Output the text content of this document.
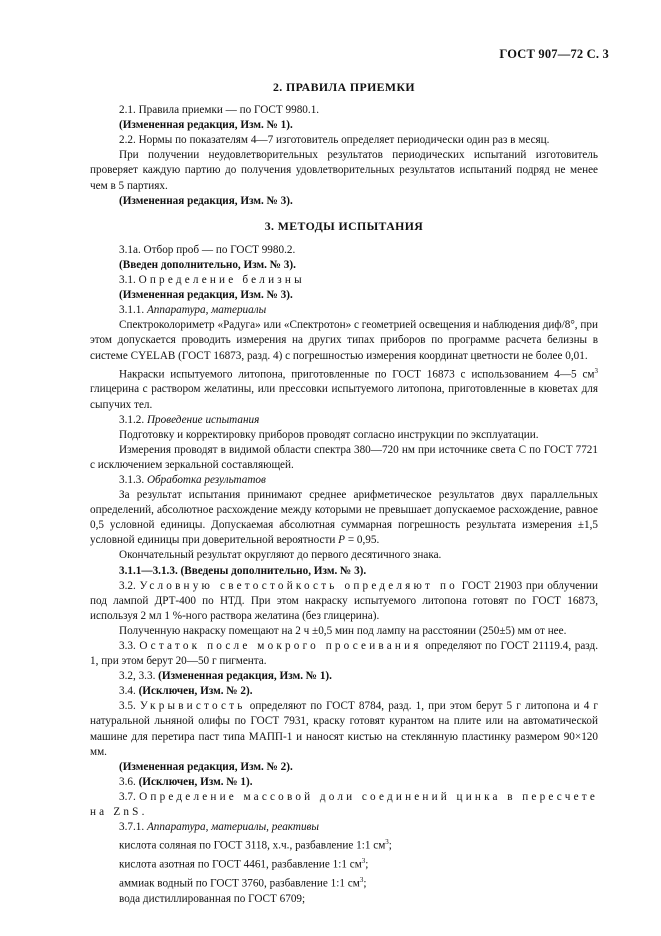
ГОСТ 907—72 С. 3

2. ПРАВИЛА ПРИЕМКИ

2.1. Правила приемки — по ГОСТ 9980.1.

(Измененная редакция, Изм. № 1).

2.2. Нормы по показателям 4—7 изготовитель определяет периодически один раз в месяц.

При получении неудовлетворительных результатов периодических испытаний изготовитель проверяет каждую партию до получения удовлетворительных результатов испытаний подряд не менее чем в 5 партиях.

(Измененная редакция, Изм. № 3).

3. МЕТОДЫ ИСПЫТАНИЯ

3.1а. Отбор проб — по ГОСТ 9980.2.

(Введен дополнительно, Изм. № 3).

3.1. Определение белизны

(Измененная редакция, Изм. № 3).

3.1.1. Аппаратура, материалы

Спектроколориметр «Радуга» или «Спектротон» с геометрией освещения и наблюдения диф/8°, при этом допускается проводить измерения на других типах приборов по программе расчета белизны в системе CYELAB (ГОСТ 16873, разд. 4) с погрешностью измерения координат цветности не более 0,01.

Накраски испытуемого литопона, приготовленные по ГОСТ 16873 с использованием 4—5 $см^3$ глицерина с раствором желатины, или прессовки испытуемого литопона, приготовленные в кюветах для сыпучих тел.

3.1.2. Проведение испытания

Подготовку и корректировку приборов проводят согласно инструкции по эксплуатации.

Измерения проводят в видимой области спектра 380—720 нм при источнике света С по ГОСТ 7721 с исключением зеркальной составляющей.

3.1.3. Обработка результатов

За результат испытания принимают среднее арифметическое результатов двух параллельных определений, абсолютное расхождение между которыми не превышает допускаемое расхождение, равное 0,5 условной единицы. Допускаемая абсолютная суммарная погрешность результата измерения ±1,5 условной единицы при доверительной вероятности P = 0,95.

Окончательный результат округляют до первого десятичного знака.

3.1.1—3.1.3. (Введены дополнительно, Изм. № 3).

3.2. Условную светостойкость определяют по ГОСТ 21903 при облучении под лампой ДРТ-400 по НТД. При этом накраску испытуемого литопона готовят по ГОСТ 16873, используя 2 мл 1 %-ного раствора желатина (без глицерина).

Полученную накраску помещают на 2 ч ±0,5 мин под лампу на расстоянии (250±5) мм от нее.

3.3. Остаток после мокрого просеивания определяют по ГОСТ 21119.4, разд. 1, при этом берут 20—50 г пигмента.

3.2, 3.3. (Измененная редакция, Изм. № 1).

3.4. (Исключен, Изм. № 2).

3.5. Укрывистость определяют по ГОСТ 8784, разд. 1, при этом берут 5 г литопона и 4 г натуральной льняной олифы по ГОСТ 7931, краску готовят курантом на плите или на автоматической машине для перетира паст типа МАПП-1 и наносят кистью на стеклянную пластинку размером 90×120 мм.

(Измененная редакция, Изм. № 2).

3.6. (Исключен, Изм. № 1).

3.7. Определение массовой доли соединений цинка в пересчете на ZnS.

3.7.1. Аппаратура, материалы, реактивы

кислота соляная по ГОСТ 3118, х.ч., разбавление 1:1 $см^3$;

кислота азотная по ГОСТ 4461, разбавление 1:1 $см^3$;

аммиак водный по ГОСТ 3760, разбавление 1:1 $см^3$;

вода дистиллированная по ГОСТ 6709;
